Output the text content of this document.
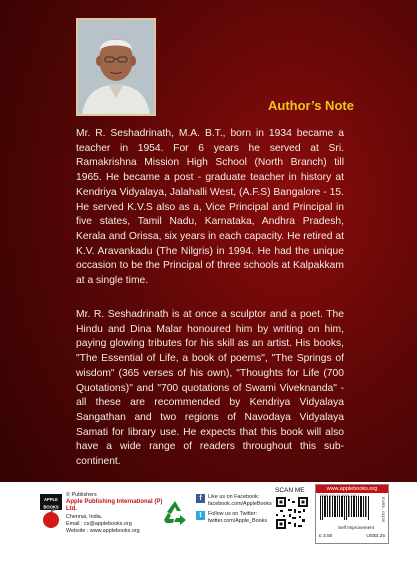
Author’s Note

Mr. R. Seshadrinath, M.A. B.T., born in 1934 became a teacher in 1954. For 6 years he served at Sri. Ramakrishna Mission High School (North Branch) till 1965. He became a post - graduate teacher in history at Kendriya Vidyalaya, Jalahalli West, (A.F.S) Bangalore - 15. He served K.V.S also as a, Vice Principal and Principal in five states, Tamil Nadu, Karnataka, Andhra Pradesh, Kerala and Orissa, six years in each capacity. He retired at K.V. Aravankadu (The Nilgris) in 1994. He had the unique occasion to be the Principal of three schools at Kalpakkam at a single time.

Mr. R. Seshadrinath is at once a sculptor and a poet. The Hindu and Dina Malar honoured him by writing on him, paying glowing tributes for his skill as an artist. His books, "The Essential of Life, a book of poems", "The Springs of wisdom" (365 verses of his own), "Thoughts for Life (700 Quotations)" and "700 quotations of Swami Viveknanda" - all these are recommended by Kendriya Vidyalaya Sangathan and two regions of Navodaya Vidyalaya Samati for library use. He expects that this book will also have a wide range of readers throughout this sub-continent.

APPLE
BOOKS
© Publishers
Apple Publishing International (P) Ltd.
Chennai, India.
Email : cs@applebooks.org
Website : www.applebooks.org
f	Like us on Facebook:
facebook.com/AppleBooks
t	Follow us on Twitter:
twitter.com/Apple_Books
SCAN ME	www.applebooks.org
93 5005
EUR5 - 01100
Self Improvement
£ 3.50	US$3.25
